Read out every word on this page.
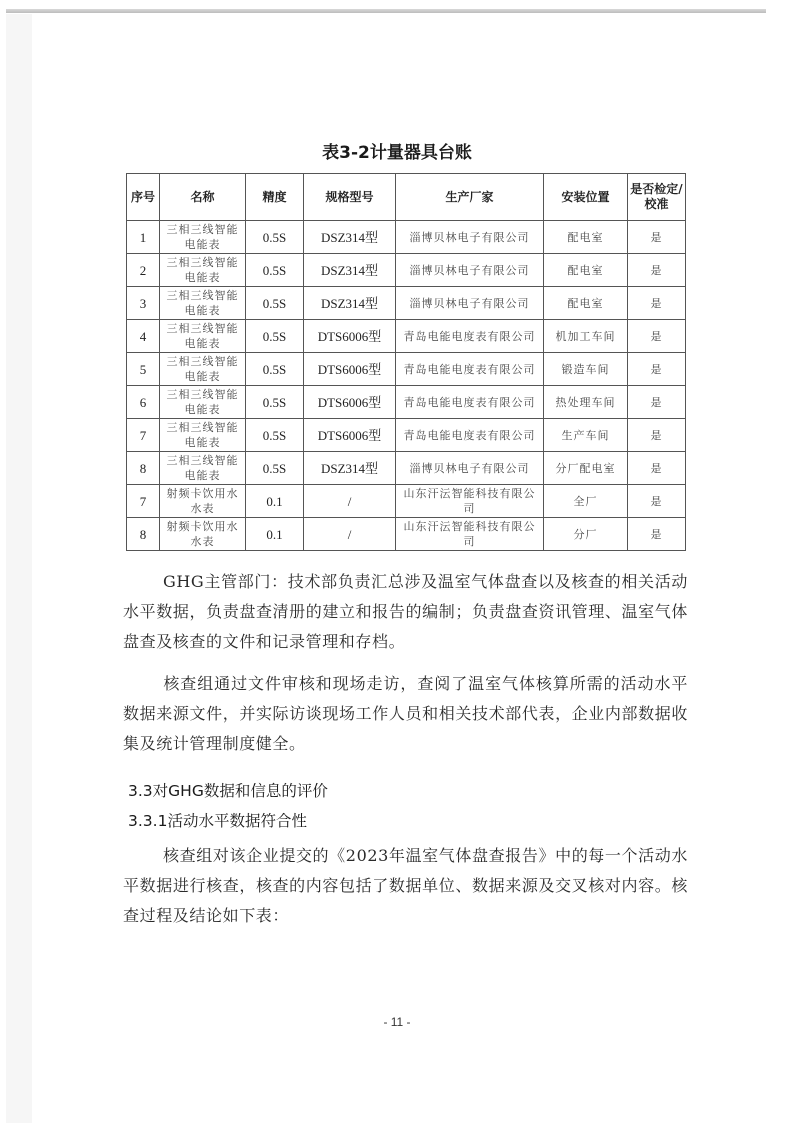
表3-2计量器具台账
序号	名称	精度	规格型号	生产厂家	安装位置	是否检定/校准
1	三相三线智能电能表	0.5S	DSZ314型	淄博贝林电子有限公司	配电室	是
2	三相三线智能电能表	0.5S	DSZ314型	淄博贝林电子有限公司	配电室	是
3	三相三线智能电能表	0.5S	DSZ314型	淄博贝林电子有限公司	配电室	是
4	三相三线智能电能表	0.5S	DTS6006型	青岛电能电度表有限公司	机加工车间	是
5	三相三线智能电能表	0.5S	DTS6006型	青岛电能电度表有限公司	锻造车间	是
6	三相三线智能电能表	0.5S	DTS6006型	青岛电能电度表有限公司	热处理车间	是
7	三相三线智能电能表	0.5S	DTS6006型	青岛电能电度表有限公司	生产车间	是
8	三相三线智能电能表	0.5S	DSZ314型	淄博贝林电子有限公司	分厂配电室	是
7	射频卡饮用水水表	0.1	/	山东汗沄智能科技有限公司	全厂	是
8	射频卡饮用水水表	0.1	/	山东汗沄智能科技有限公司	分厂	是
GHG主管部门：技术部负责汇总涉及温室气体盘查以及核查的相关活动水平数据，负责盘查清册的建立和报告的编制；负责盘查资讯管理、温室气体盘查及核查的文件和记录管理和存档。
核查组通过文件审核和现场走访，查阅了温室气体核算所需的活动水平数据来源文件，并实际访谈现场工作人员和相关技术部代表，企业内部数据收集及统计管理制度健全。
3.3对GHG数据和信息的评价
3.3.1活动水平数据符合性
核查组对该企业提交的《2023年温室气体盘查报告》中的每一个活动水平数据进行核查，核查的内容包括了数据单位、数据来源及交叉核对内容。核查过程及结论如下表：
- 11 -
